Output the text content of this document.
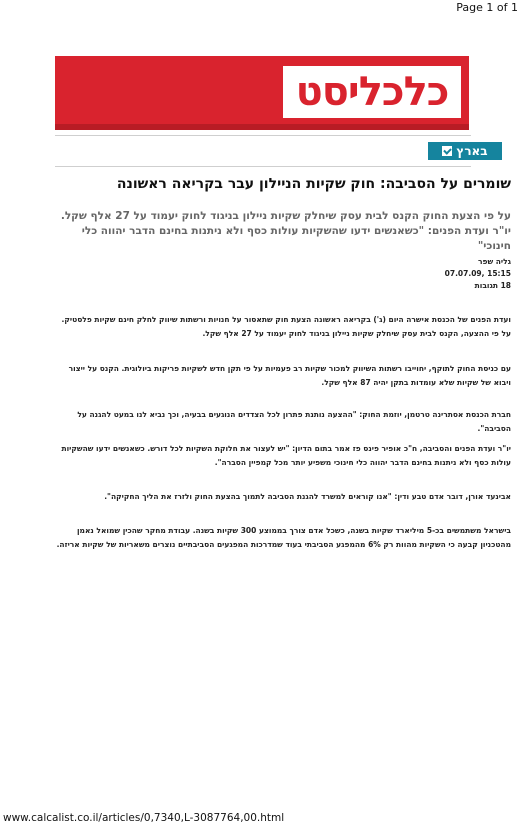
Page 1 of 1
כלכליסט
בארץ
שומרים על הסביבה: חוק שקיות הניילון עבר בקריאה ראשונה
על פי הצעת החוק הקנס לבית עסק שיחלק שקיות ניילון בניגוד לחוק יעמוד על 27 אלף שקל. יו"ר ועדת הפנים: "כשאנשים ידעו שהשקיות עולות כסף ולא ניתנות בחינם הדבר יהווה כלי חינוכי"
גליה שפר
15:15 ,07.07.09
18 תגובות
ועדת הפנים של הכנסת אישרה היום (ג') בקריאה ראשונה הצעת חוק שתאסור על חנויות ורשתות שיווק לחלק חינם שקיות פלסטיק. על פי ההצעה, הקנס לבית עסק שיחלק שקיות ניילון בניגוד לחוק יעמוד על 27 אלף שקל.
עם כניסת החוק לתוקף, יחוייבו רשתות השיווק למכור שקיות רב פעמיות על פי תקן חדש לשקיות פריקות ביולוגית. הקנס על ייצור ויבוא של שקיות שלא עומדות בתקן יהיה 87 אלף שקל.
חברת הכנסת אסתרינה טרטמן, יוזמת החוק: "ההצעה נותנת פתרון לכל הצדדים הנוגעים בבעיה, וכך נביא לנו במעט להגנה על הסביבה".
יו"ר ועדת הפנים והסביבה, ח"כ אופיר פינס פז אמר בתום הדיון: "יש לעצור את חלוקת השקיות לכל דורש. כשאנשים ידעו שהשקיות עולות כסף ולא ניתנות בחינם הדבר יהווה כלי חינוכי משפיע יותר מכל קמפיין הסברה".
אבינעד אורן, דובר אדם טבע ודין: "אנו קוראים למשרד להגנת הסביבה לתמוך בהצעת החוק ולזרז את הליך החקיקה".
בישראל משתמשים בכ-5 מיליארד שקיות בשנה, כשכל אדם צורך בממוצע 300 שקיות בשנה. עבודת מחקר שהכין שמואל נאמן מהטכניון קבעה כי השקיות מהוות רק 6% מהמפגע הסביבתי בעוד שמדרכות המפגעים הסביבתיים נוצרים משאריות של שקיות אריזה.
www.calcalist.co.il/articles/0,7340,L-3087764,00.html
